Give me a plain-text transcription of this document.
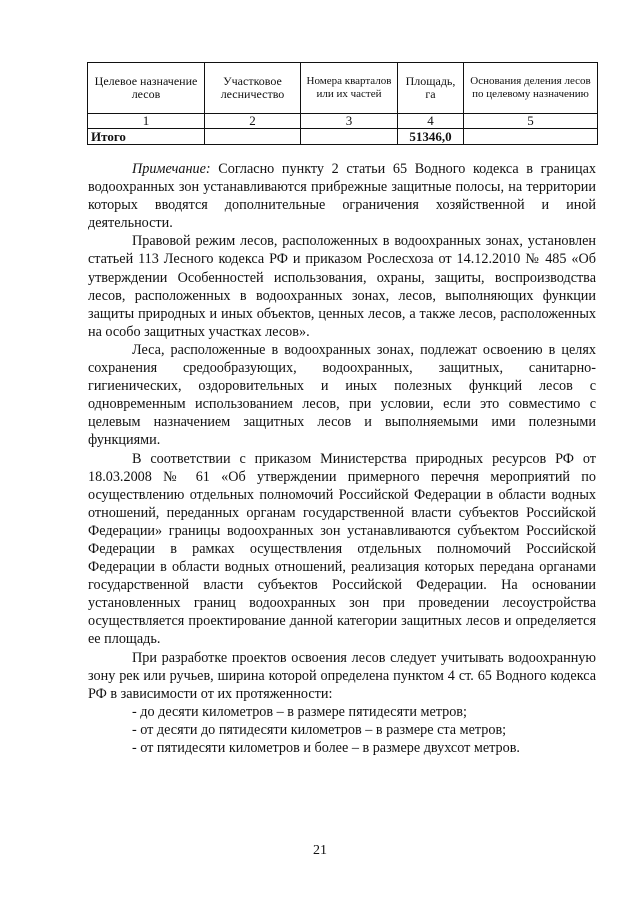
Целевое назначение лесов	Участковое лесничество	Номера кварталов или их частей	Площадь, га	Основания деления лесов по целевому назначению
1	2	3	4	5
Итого			51346,0	

Примечание: Согласно пункту 2 статьи 65 Водного кодекса в границах водоохранных зон устанавливаются прибрежные защитные полосы, на территории которых вводятся дополнительные ограничения хозяйственной и иной деятельности.

Правовой режим лесов, расположенных в водоохранных зонах, установлен статьей 113 Лесного кодекса РФ и приказом Рослесхоза от 14.12.2010 № 485 «Об утверждении Особенностей использования, охраны, защиты, воспроизводства лесов, расположенных в водоохранных зонах, лесов, выполняющих функции защиты природных и иных объектов, ценных лесов, а также лесов, расположенных на особо защитных участках лесов».

Леса, расположенные в водоохранных зонах, подлежат освоению в целях сохранения средообразующих, водоохранных, защитных, санитарно-гигиенических, оздоровительных и иных полезных функций лесов с одновременным использованием лесов, при условии, если это совместимо с целевым назначением защитных лесов и выполняемыми ими полезными функциями.

В соответствии с приказом Министерства природных ресурсов РФ от 18.03.2008 № 61 «Об утверждении примерного перечня мероприятий по осуществлению отдельных полномочий Российской Федерации в области водных отношений, переданных органам государственной власти субъектов Российской Федерации» границы водоохранных зон устанавливаются субъектом Российской Федерации в рамках осуществления отдельных полномочий Российской Федерации в области водных отношений, реализация которых передана органами государственной власти субъектов Российской Федерации. На основании установленных границ водоохранных зон при проведении лесоустройства осуществляется проектирование данной категории защитных лесов и определяется ее площадь.

При разработке проектов освоения лесов следует учитывать водоохранную зону рек или ручьев, ширина которой определена пунктом 4 ст. 65 Водного кодекса РФ в зависимости от их протяженности:

- до десяти километров – в размере пятидесяти метров;

- от десяти до пятидесяти километров – в размере ста метров;

- от пятидесяти километров и более – в размере двухсот метров.

21
